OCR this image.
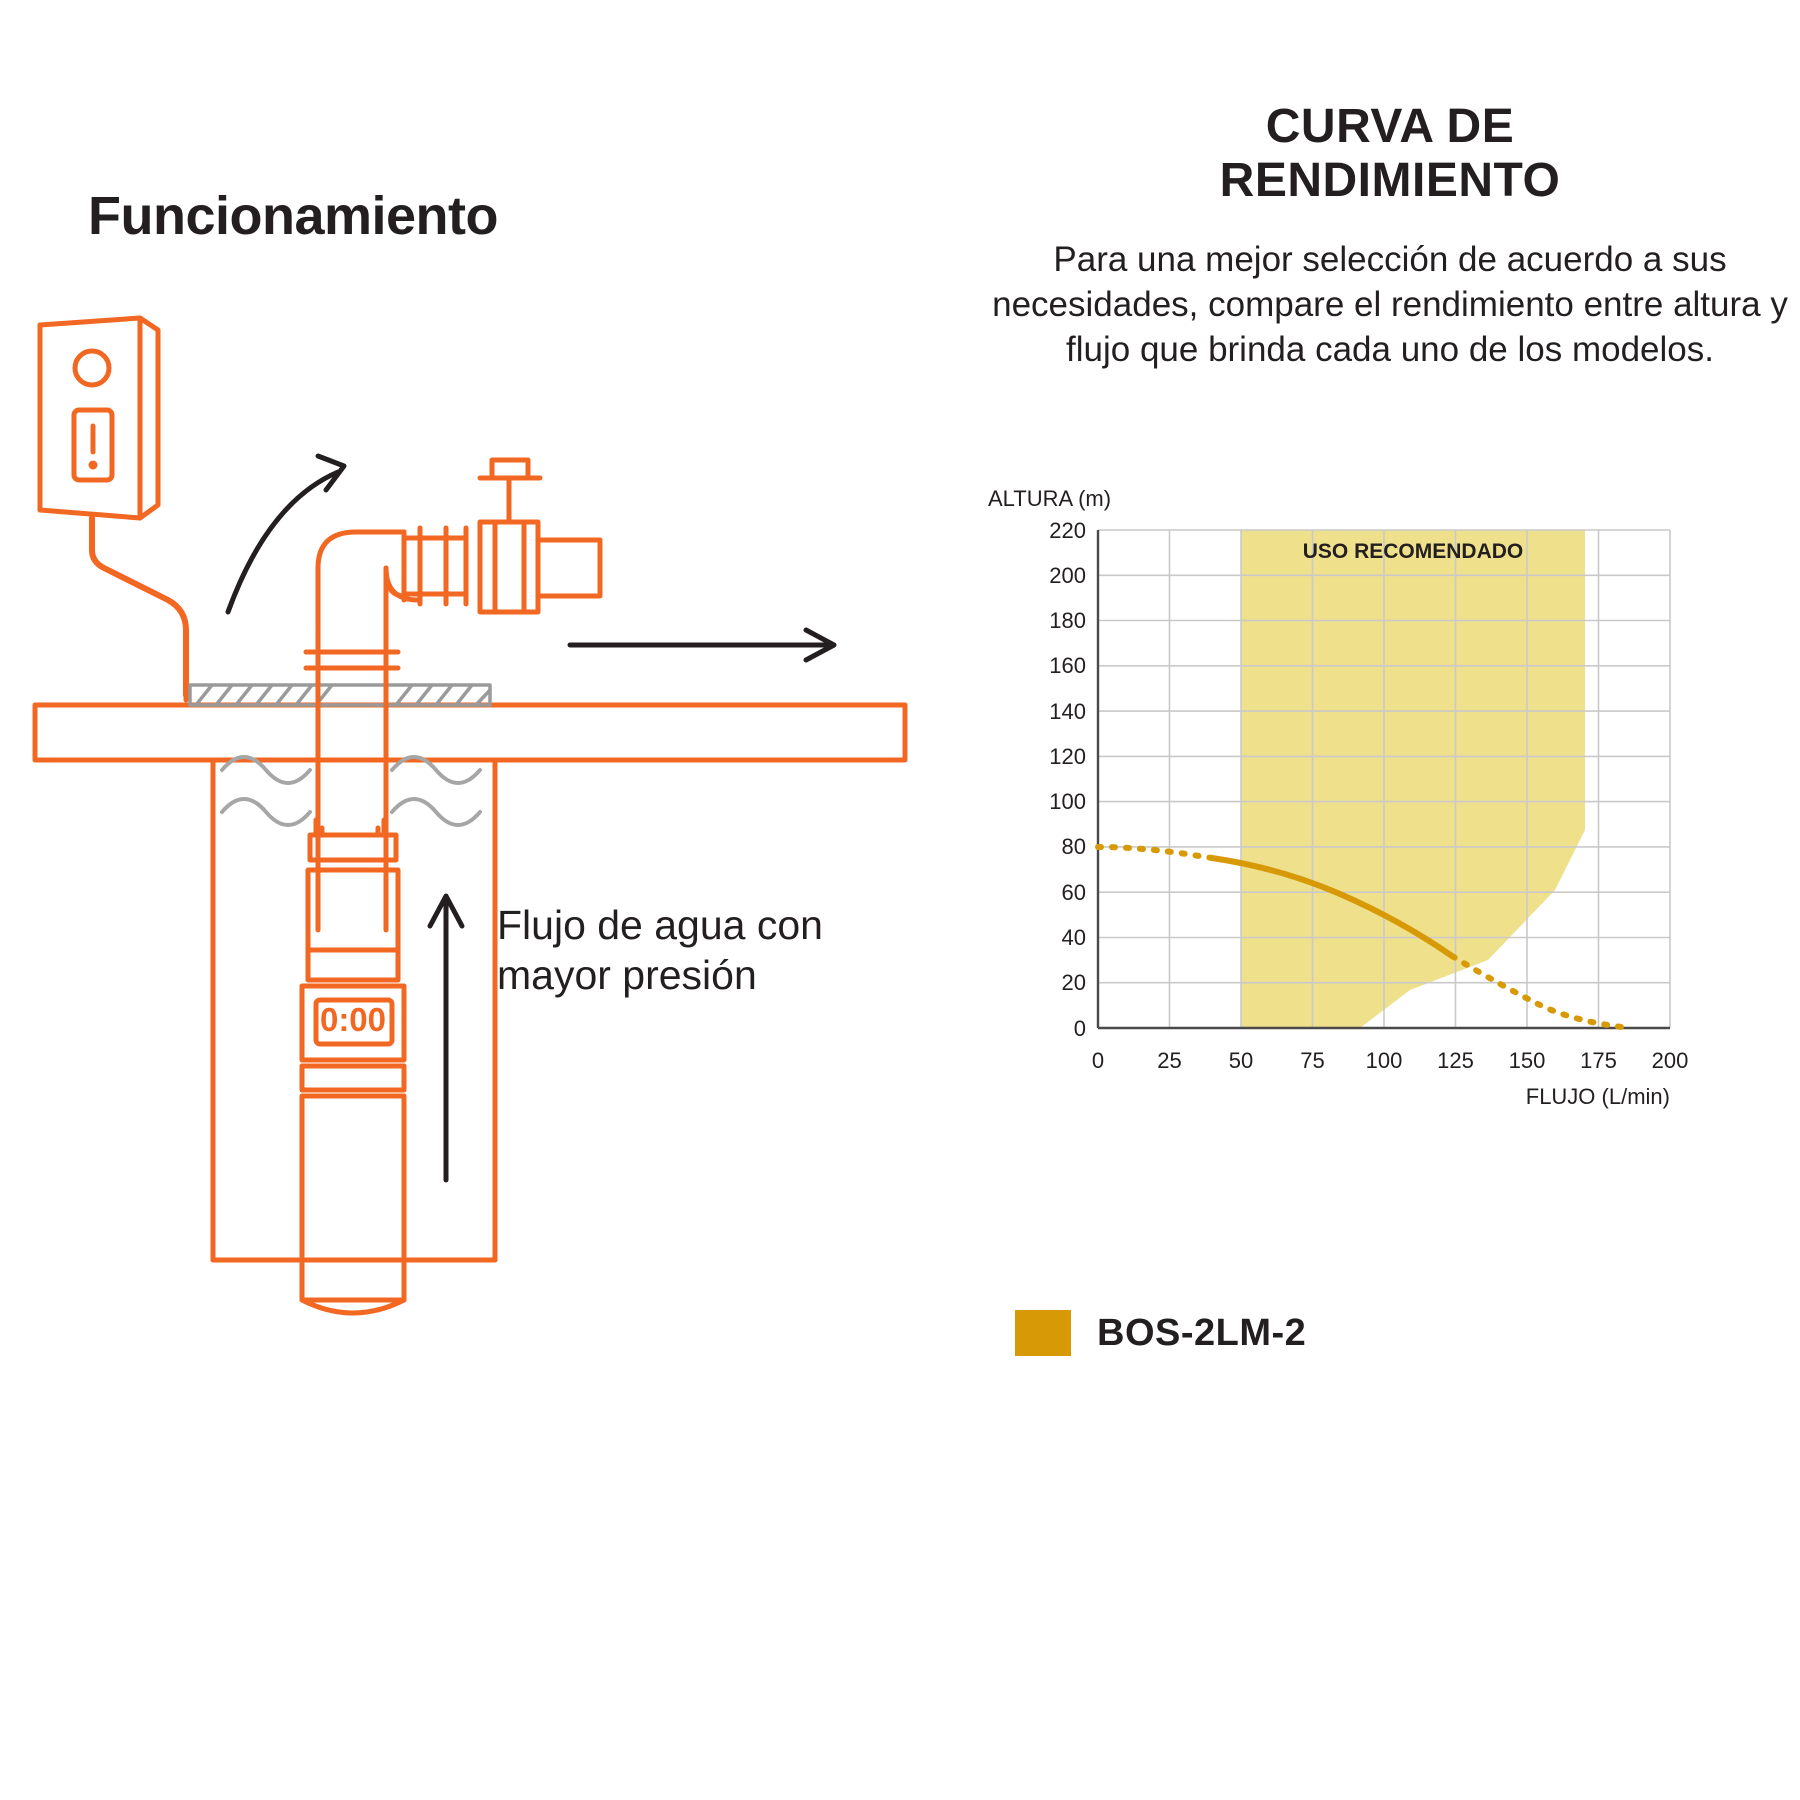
Funcionamiento
0:00
Flujo de agua con mayor presión
CURVA DE
RENDIMIENTO
Para una mejor selección de acuerdo a sus necesidades, compare el rendimiento entre altura y flujo que brinda cada uno de los modelos.
ALTURA (m)
USO RECOMENDADO
220
200
180
160
140
120
100
80
60
40
20
0
0 25 50 75 100 125 150 175 200
FLUJO (L/min)
BOS-2LM-2
